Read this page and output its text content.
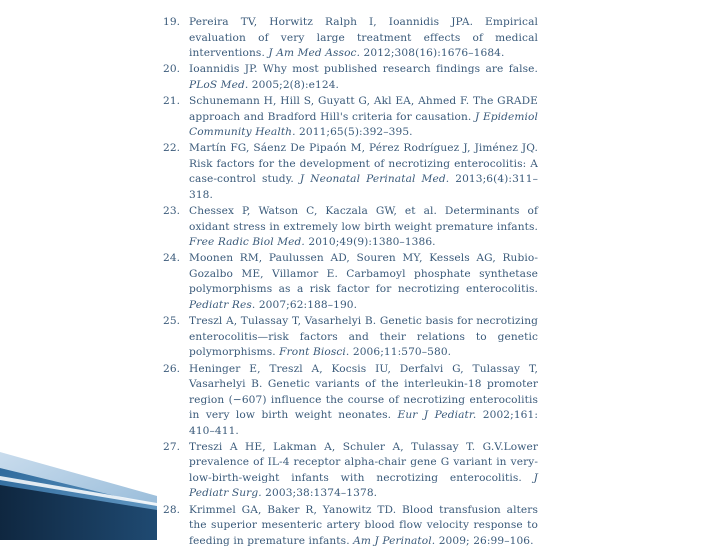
19. Pereira TV, Horwitz Ralph I, Ioannidis JPA. Empirical evaluation of very large treatment effects of medical interventions. J Am Med Assoc. 2012;308(16):1676–1684.
20. Ioannidis JP. Why most published research findings are false. PLoS Med. 2005;2(8):e124.
21. Schunemann H, Hill S, Guyatt G, Akl EA, Ahmed F. The GRADE approach and Bradford Hill's criteria for causation. J Epidemiol Community Health. 2011;65(5):392–395.
22. Martín FG, Sáenz De Pipaón M, Pérez Rodríguez J, Jiménez JQ. Risk factors for the development of necrotizing enterocolitis: A case-control study. J Neonatal Perinatal Med. 2013;6(4):311–318.
23. Chessex P, Watson C, Kaczala GW, et al. Determinants of oxidant stress in extremely low birth weight premature infants. Free Radic Biol Med. 2010;49(9):1380–1386.
24. Moonen RM, Paulussen AD, Souren MY, Kessels AG, Rubio-Gozalbo ME, Villamor E. Carbamoyl phosphate synthetase polymorphisms as a risk factor for necrotizing enterocolitis. Pediatr Res. 2007;62:188–190.
25. Treszl A, Tulassay T, Vasarhelyi B. Genetic basis for necrotizing enterocolitis—risk factors and their relations to genetic polymorphisms. Front Biosci. 2006;11:570–580.
26. Heninger E, Treszl A, Kocsis IU, Derfalvi G, Tulassay T, Vasarhelyi B. Genetic variants of the interleukin-18 promoter region (−607) influence the course of necrotizing enterocolitis in very low birth weight neonates. Eur J Pediatr. 2002;161: 410–411.
27. Treszi A HE, Lakman A, Schuler A, Tulassay T. G.V.Lower prevalence of IL-4 receptor alpha-chair gene G variant in very-low-birth-weight infants with necrotizing enterocolitis. J Pediatr Surg. 2003;38:1374–1378.
28. Krimmel GA, Baker R, Yanowitz TD. Blood transfusion alters the superior mesenteric artery blood flow velocity response to feeding in premature infants. Am J Perinatol. 2009; 26:99–106.
